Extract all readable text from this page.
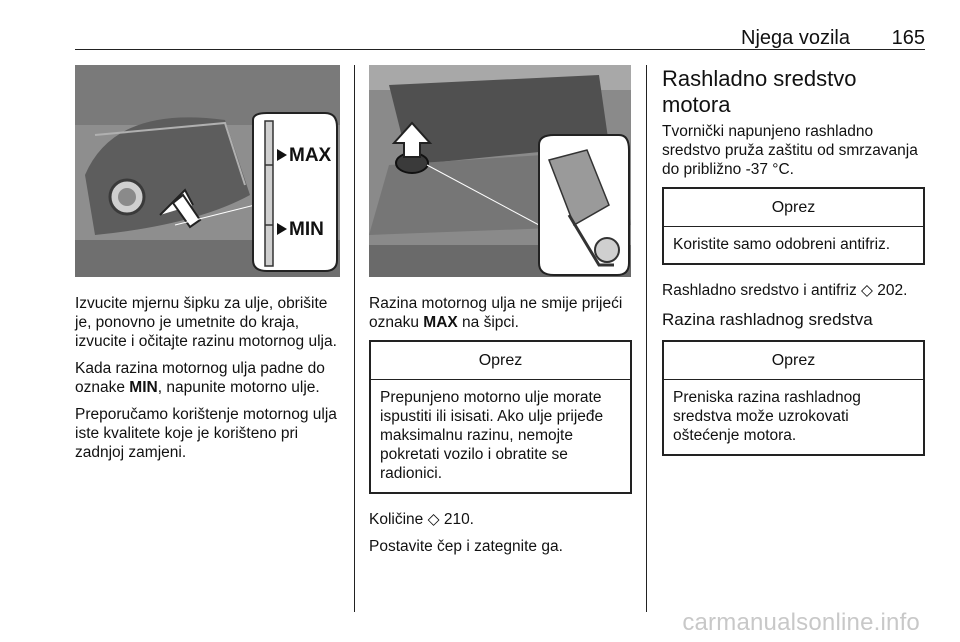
Njega vozila 165
MAX
MIN

Izvucite mjernu šipku za ulje, obrišite je, ponovno je umetnite do kraja, izvucite i očitajte razinu motornog ulja.

Kada razina motornog ulja padne do oznake MIN, napunite motorno ulje.

Preporučamo korištenje motornog ulja iste kvalitete koje je korišteno pri zadnjoj zamjeni.

Razina motornog ulja ne smije prijeći oznaku MAX na šipci.

Oprez
Prepunjeno motorno ulje morate ispustiti ili isisati. Ako ulje prijeđe maksimalnu razinu, nemojte pokretati vozilo i obratite se radionici.

Količine ◇ 210.

Postavite čep i zategnite ga.

Rashladno sredstvo motora

Tvornički napunjeno rashladno sredstvo pruža zaštitu od smrzavanja do približno -37 °C.

Oprez
Koristite samo odobreni antifriz.

Rashladno sredstvo i antifriz ◇ 202.

Razina rashladnog sredstva
Oprez
Preniska razina rashladnog sredstva može uzrokovati oštećenje motora.
carmanualsonline.info
